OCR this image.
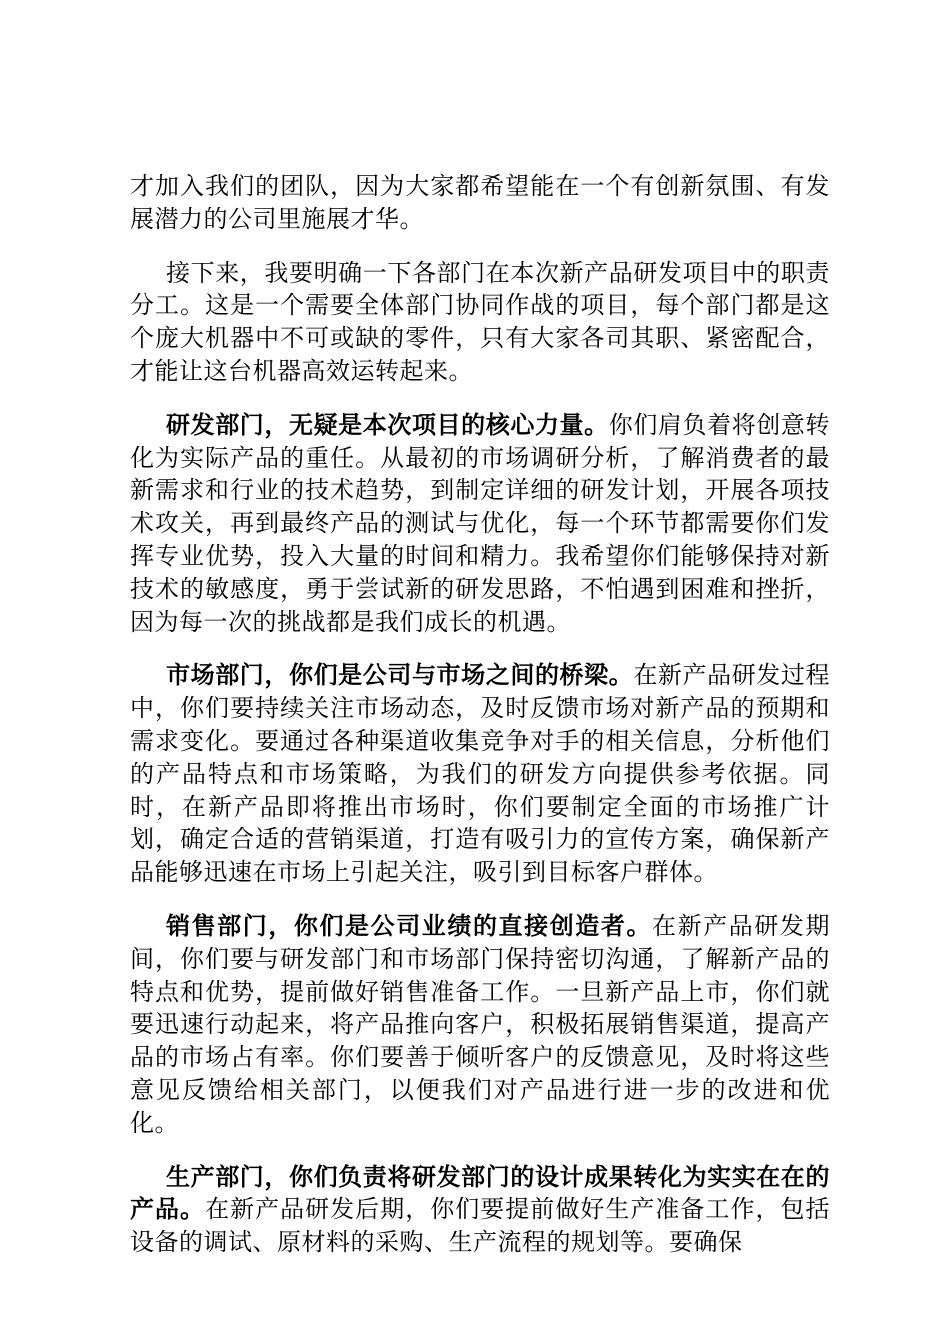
才加入我们的团队，因为大家都希望能在一个有创新氛围、有发展潜力的公司里施展才华。

接下来，我要明确一下各部门在本次新产品研发项目中的职责分工。这是一个需要全体部门协同作战的项目，每个部门都是这个庞大机器中不可或缺的零件，只有大家各司其职、紧密配合，才能让这台机器高效运转起来。

研发部门，无疑是本次项目的核心力量。你们肩负着将创意转化为实际产品的重任。从最初的市场调研分析，了解消费者的最新需求和行业的技术趋势，到制定详细的研发计划，开展各项技术攻关，再到最终产品的测试与优化，每一个环节都需要你们发挥专业优势，投入大量的时间和精力。我希望你们能够保持对新技术的敏感度，勇于尝试新的研发思路，不怕遇到困难和挫折，因为每一次的挑战都是我们成长的机遇。

市场部门，你们是公司与市场之间的桥梁。在新产品研发过程中，你们要持续关注市场动态，及时反馈市场对新产品的预期和需求变化。要通过各种渠道收集竞争对手的相关信息，分析他们的产品特点和市场策略，为我们的研发方向提供参考依据。同时，在新产品即将推出市场时，你们要制定全面的市场推广计划，确定合适的营销渠道，打造有吸引力的宣传方案，确保新产品能够迅速在市场上引起关注，吸引到目标客户群体。

销售部门，你们是公司业绩的直接创造者。在新产品研发期间，你们要与研发部门和市场部门保持密切沟通，了解新产品的特点和优势，提前做好销售准备工作。一旦新产品上市，你们就要迅速行动起来，将产品推向客户，积极拓展销售渠道，提高产品的市场占有率。你们要善于倾听客户的反馈意见，及时将这些意见反馈给相关部门，以便我们对产品进行进一步的改进和优化。

生产部门，你们负责将研发部门的设计成果转化为实实在在的产品。在新产品研发后期，你们要提前做好生产准备工作，包括设备的调试、原材料的采购、生产流程的规划等。要确保
